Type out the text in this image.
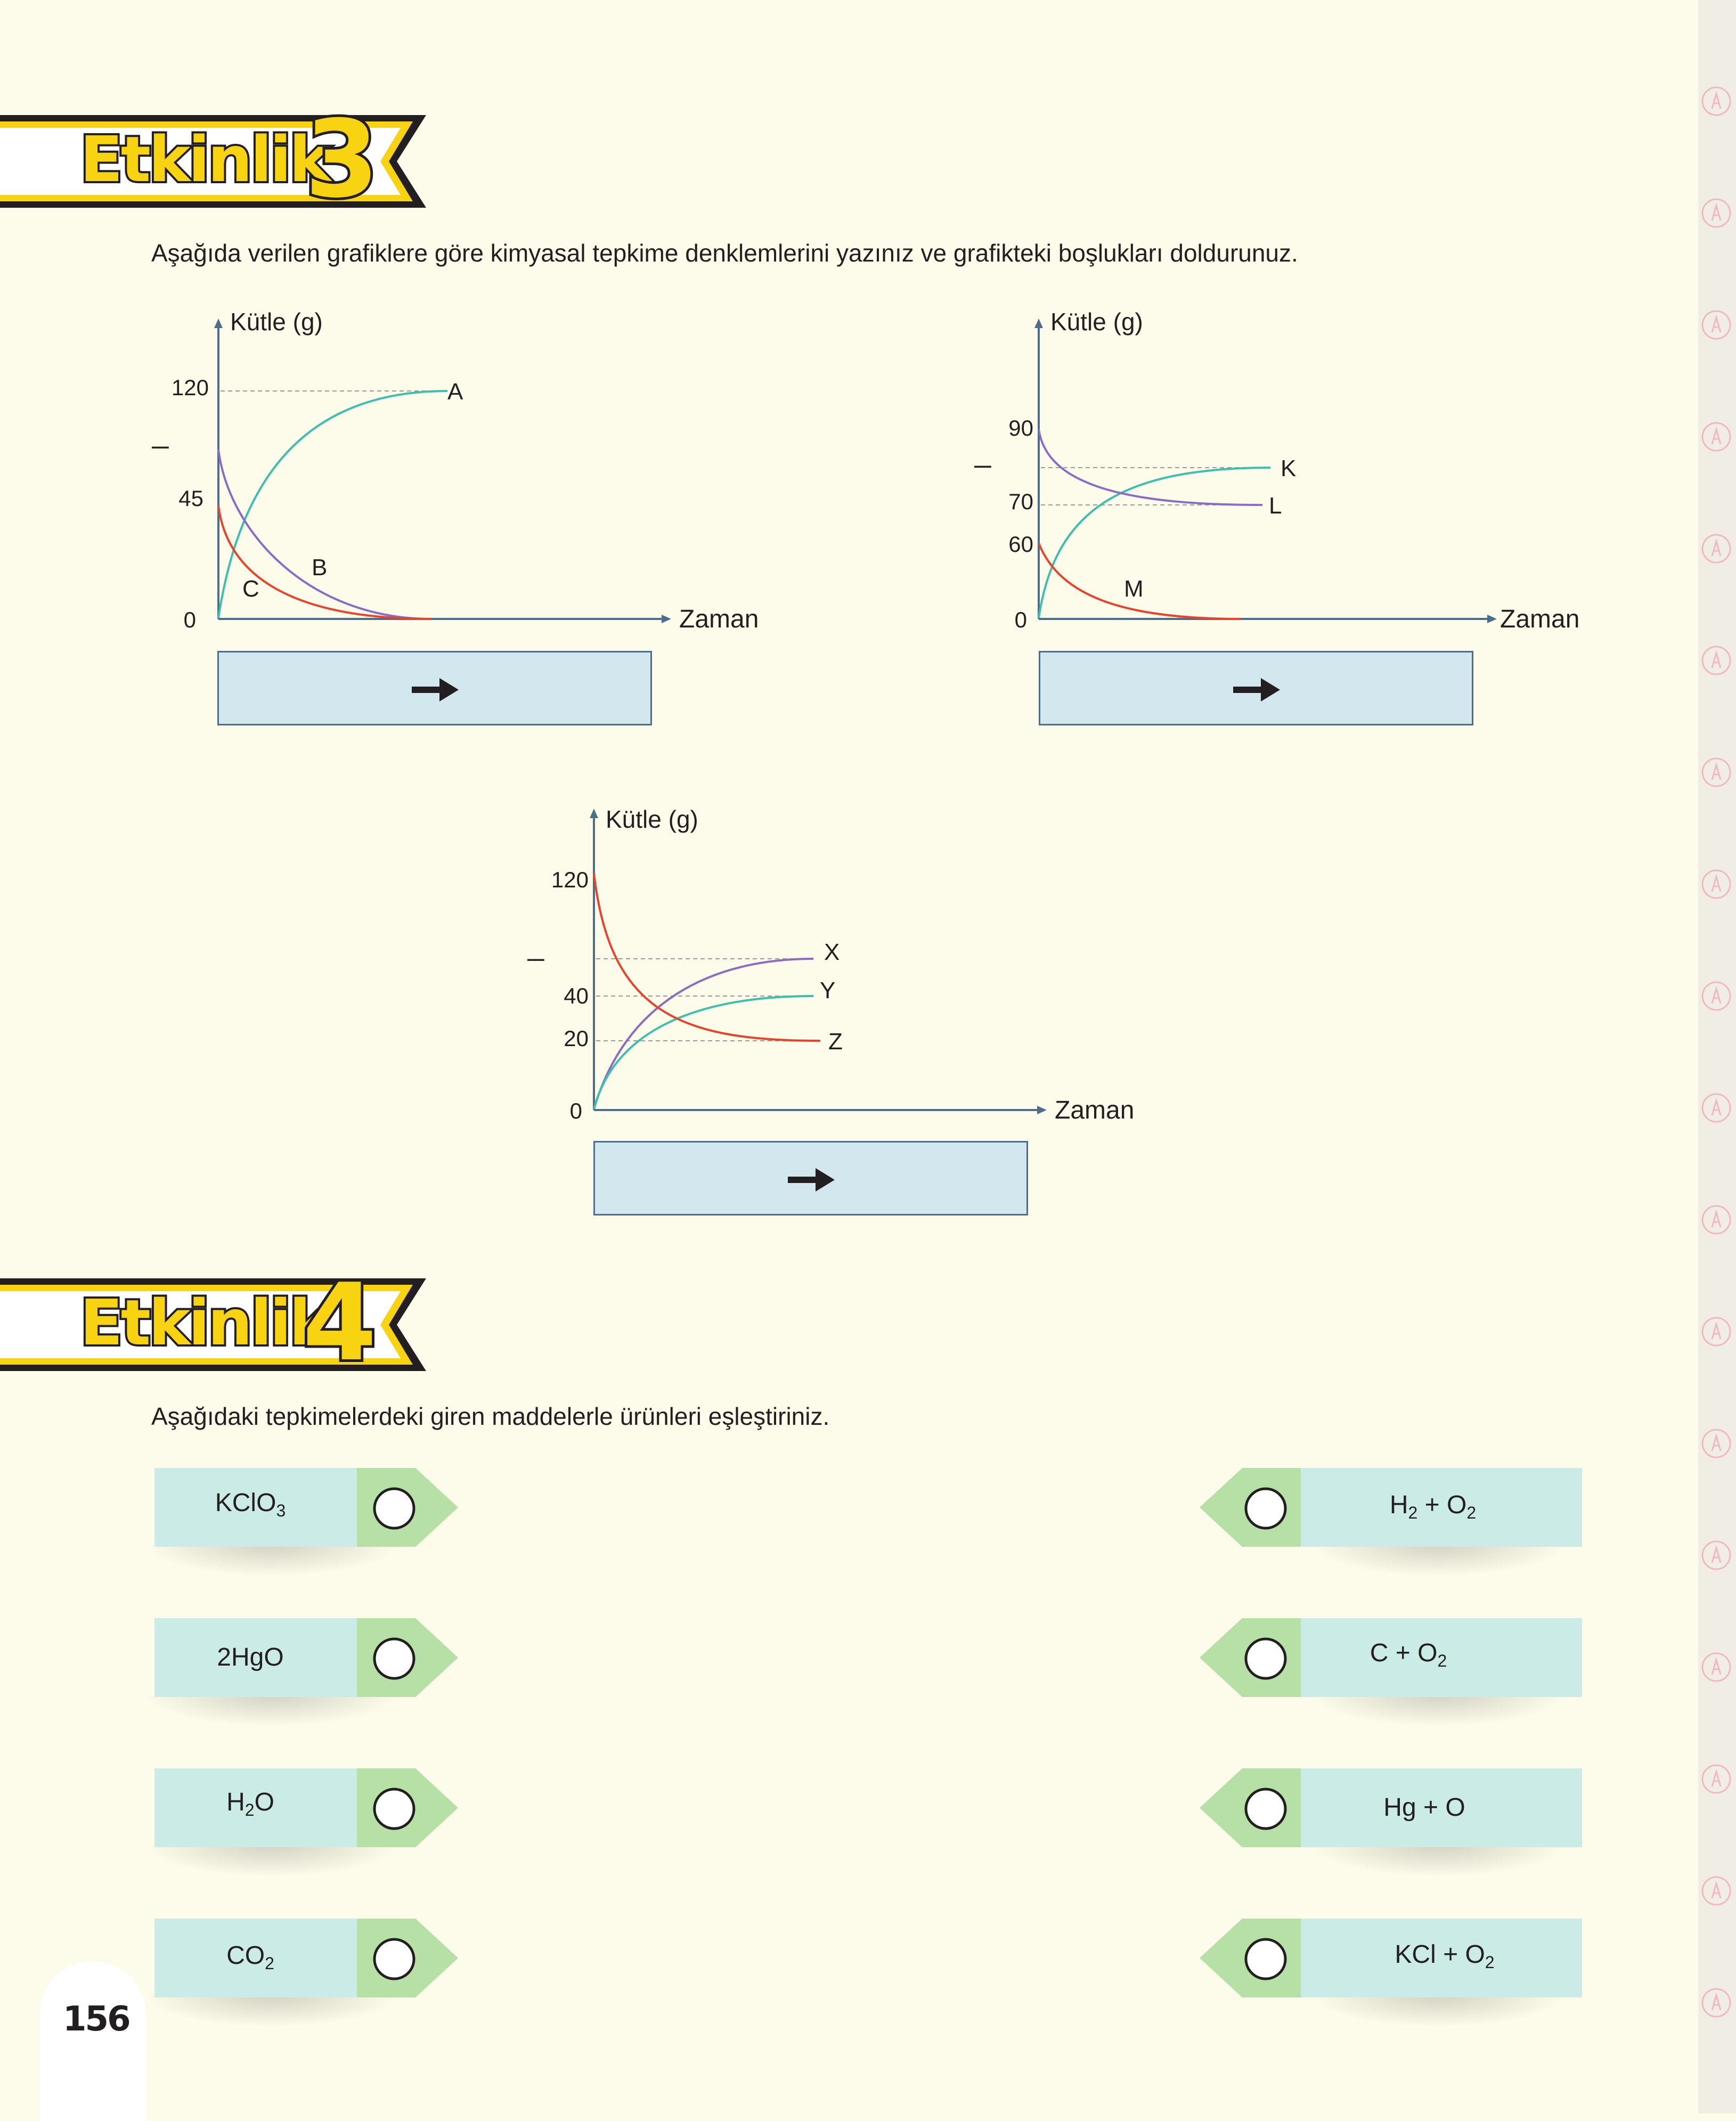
Etkinlik
3
Aşağıda verilen grafiklere göre kimyasal tepkime denklemlerini yazınız ve grafikteki boşlukları doldurunuz.
Kütle (g)
Zaman
120
45
0
...........
A
B
C
Kütle (g)
Zaman
90
70
60
0
...........	K
L
M
Kütle (g)
Zaman
120
40
20
0
...........	X
Y
Z
Etkinlik
4
Aşağıdaki tepkimelerdeki giren maddelerle ürünleri eşleştiriniz.
KClO$_3$
2HgO
$H_2O$
$CO_2$
$H_2 + O_2$
$C + O_2$
Hg + O
KCl + $O_2$
156
